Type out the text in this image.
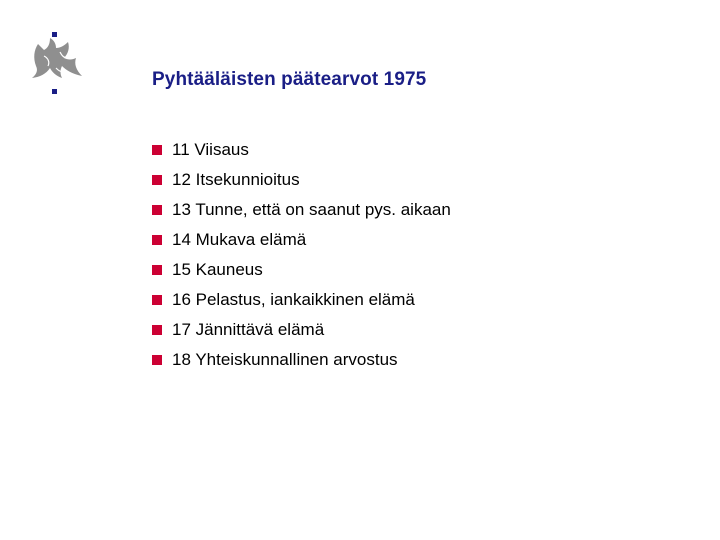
Pyhtääläisten päätearvot 1975
11 Viisaus
12 Itsekunnioitus
13 Tunne, että on saanut pys. aikaan
14 Mukava elämä
15 Kauneus
16 Pelastus, iankaikkinen elämä
17 Jännittävä elämä
18 Yhteiskunnallinen arvostus
